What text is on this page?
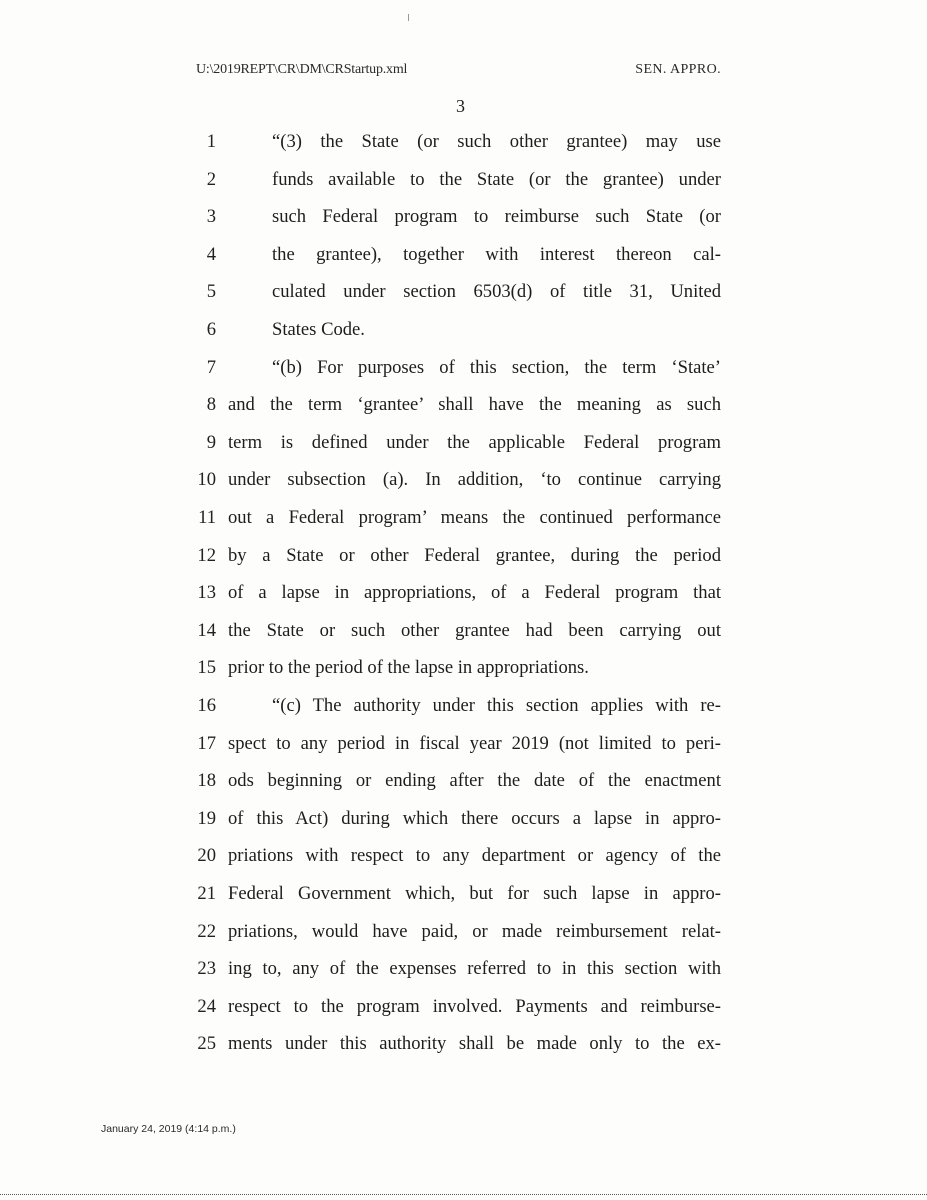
U:\2019REPT\CR\DM\CRStartup.xml	SEN. APPRO.
3
1	“(3) the State (or such other grantee) may use
2	funds available to the State (or the grantee) under
3	such Federal program to reimburse such State (or
4	the grantee), together with interest thereon cal-
5	culated under section 6503(d) of title 31, United
6	States Code.
7	“(b) For purposes of this section, the term ‘State’
8 and the term ‘grantee’ shall have the meaning as such
9 term is defined under the applicable Federal program
10 under subsection (a). In addition, ‘to continue carrying
11 out a Federal program’ means the continued performance
12 by a State or other Federal grantee, during the period
13 of a lapse in appropriations, of a Federal program that
14 the State or such other grantee had been carrying out
15 prior to the period of the lapse in appropriations.
16	“(c) The authority under this section applies with re-
17 spect to any period in fiscal year 2019 (not limited to peri-
18 ods beginning or ending after the date of the enactment
19 of this Act) during which there occurs a lapse in appro-
20 priations with respect to any department or agency of the
21 Federal Government which, but for such lapse in appro-
22 priations, would have paid, or made reimbursement relat-
23 ing to, any of the expenses referred to in this section with
24 respect to the program involved. Payments and reimburse-
25 ments under this authority shall be made only to the ex-
January 24, 2019 (4:14 p.m.)
